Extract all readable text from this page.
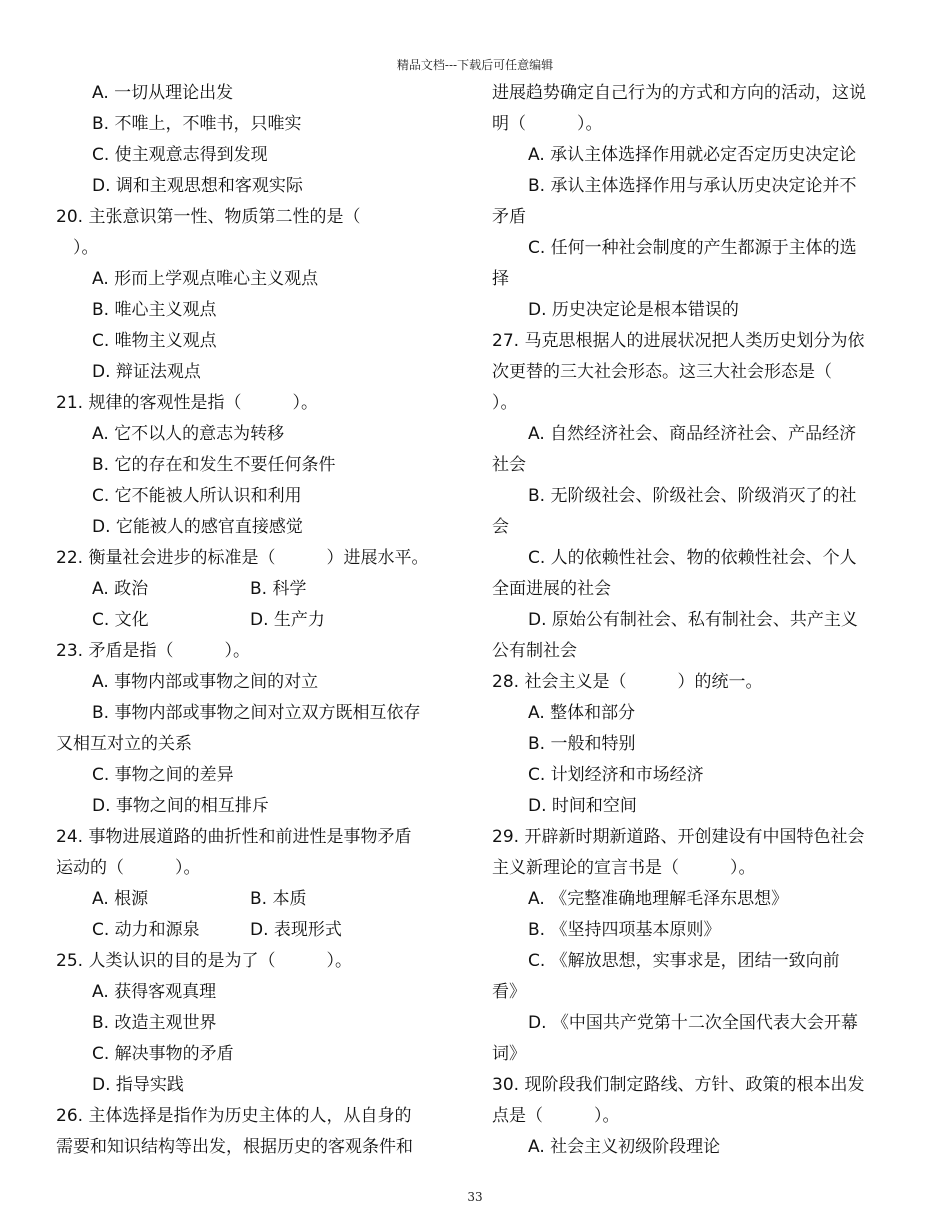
精品文档---下载后可任意编辑
A. 一切从理论出发
B. 不唯上，不唯书，只唯实
C. 使主观意志得到发现
D. 调和主观思想和客观实际
20. 主张意识第一性、物质第二性的是（
　）。
A. 形而上学观点唯心主义观点
B. 唯心主义观点
C. 唯物主义观点
D. 辩证法观点
21. 规律的客观性是指（　　　）。
A. 它不以人的意志为转移
B. 它的存在和发生不要任何条件
C. 它不能被人所认识和利用
D. 它能被人的感官直接感觉
22. 衡量社会进步的标准是（　　　）进展水平。
A. 政治	B. 科学
C. 文化	D. 生产力
23. 矛盾是指（　　　）。
A. 事物内部或事物之间的对立
B. 事物内部或事物之间对立双方既相互依存
又相互对立的关系
C. 事物之间的差异
D. 事物之间的相互排斥
24. 事物进展道路的曲折性和前进性是事物矛盾
运动的（　　　）。
A. 根源	B. 本质
C. 动力和源泉	D. 表现形式
25. 人类认识的目的是为了（　　　）。
A. 获得客观真理
B. 改造主观世界
C. 解决事物的矛盾
D. 指导实践
26. 主体选择是指作为历史主体的人，从自身的
需要和知识结构等出发，根据历史的客观条件和
进展趋势确定自己行为的方式和方向的活动，这说
明（　　　）。
A. 承认主体选择作用就必定否定历史决定论
B. 承认主体选择作用与承认历史决定论并不
矛盾
C. 任何一种社会制度的产生都源于主体的选
择
D. 历史决定论是根本错误的
27. 马克思根据人的进展状况把人类历史划分为依
次更替的三大社会形态。这三大社会形态是（
）。
A. 自然经济社会、商品经济社会、产品经济
社会
B. 无阶级社会、阶级社会、阶级消灭了的社
会
C. 人的依赖性社会、物的依赖性社会、个人
全面进展的社会
D. 原始公有制社会、私有制社会、共产主义
公有制社会
28. 社会主义是（　　　）的统一。
A. 整体和部分
B. 一般和特别
C. 计划经济和市场经济
D. 时间和空间
29. 开辟新时期新道路、开创建设有中国特色社会
主义新理论的宣言书是（　　　）。
A. 《完整准确地理解毛泽东思想》
B. 《坚持四项基本原则》
C. 《解放思想，实事求是，团结一致向前
看》
D. 《中国共产党第十二次全国代表大会开幕
词》
30. 现阶段我们制定路线、方针、政策的根本出发
点是（　　　）。
A. 社会主义初级阶段理论
33
